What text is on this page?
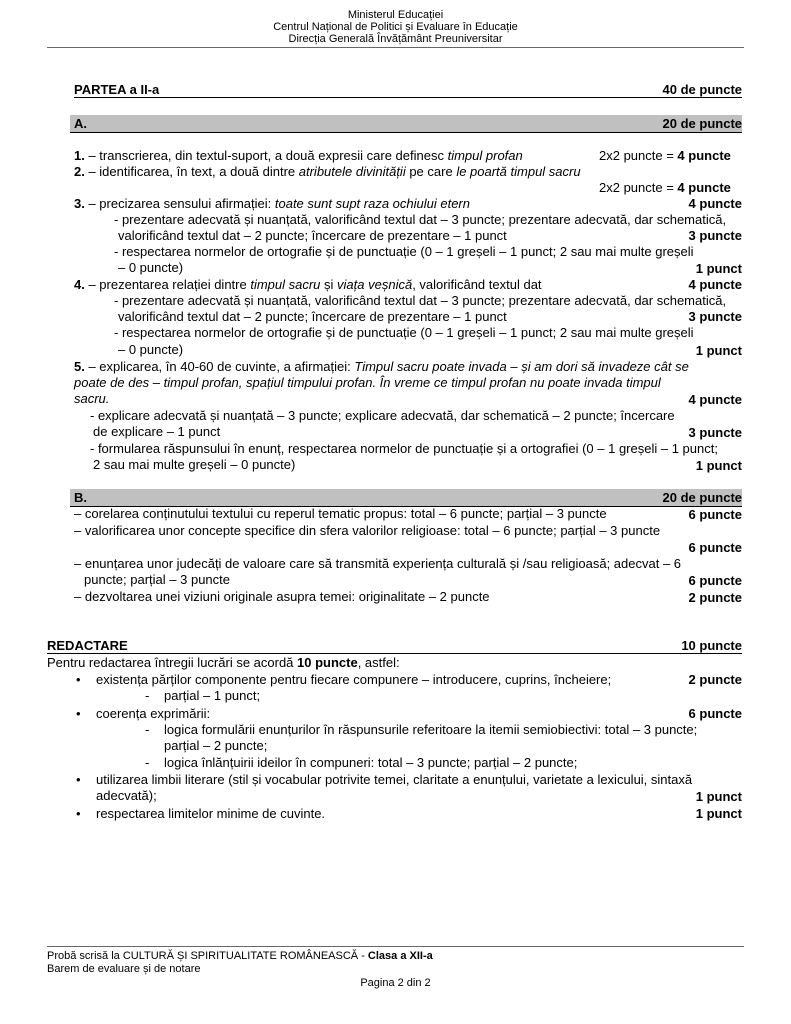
Ministerul Educației
Centrul Național de Politici și Evaluare în Educație
Direcția Generală Învățământ Preuniversitar
PARTEA a II-a	40 de puncte
A.	20 de puncte
1. – transcrierea, din textul-suport, a două expresii care definesc timpul profan	2x2 puncte = 4 puncte
2. – identificarea, în text, a două dintre atributele divinității pe care le poartă timpul sacru
2x2 puncte = 4 puncte
3. – precizarea sensului afirmației: toate sunt supt raza ochiului etern	4 puncte
- prezentare adecvată și nuanțată, valorificând textul dat – 3 puncte; prezentare adecvată, dar schematică,
valorificând textul dat – 2 puncte; încercare de prezentare – 1 punct	3 puncte
- respectarea normelor de ortografie și de punctuație (0 – 1 greșeli – 1 punct; 2 sau mai multe greșeli
– 0 puncte)	1 punct
4. – prezentarea relației dintre timpul sacru și viața veșnică, valorificând textul dat	4 puncte
- prezentare adecvată și nuanțată, valorificând textul dat – 3 puncte; prezentare adecvată, dar schematică,
valorificând textul dat – 2 puncte; încercare de prezentare – 1 punct	3 puncte
- respectarea normelor de ortografie și de punctuație (0 – 1 greșeli – 1 punct; 2 sau mai multe greșeli
– 0 puncte)	1 punct
5. – explicarea, în 40-60 de cuvinte, a afirmației: Timpul sacru poate invada – și am dori să invadeze cât se
poate de des – timpul profan, spațiul timpului profan. În vreme ce timpul profan nu poate invada timpul
sacru.	4 puncte
- explicare adecvată și nuanțată – 3 puncte; explicare adecvată, dar schematică – 2 puncte; încercare
de explicare – 1 punct	3 puncte
- formularea răspunsului în enunț, respectarea normelor de punctuație și a ortografiei (0 – 1 greșeli – 1 punct;
2 sau mai multe greșeli – 0 puncte)	1 punct
B.	20 de puncte
– corelarea conținutului textului cu reperul tematic propus: total – 6 puncte; parțial – 3 puncte	6 puncte
– valorificarea unor concepte specifice din sfera valorilor religioase: total – 6 puncte; parțial – 3 puncte
6 puncte
– enunțarea unor judecăți de valoare care să transmită experiența culturală și /sau religioasă; adecvat – 6
puncte; parțial – 3 puncte	6 puncte
– dezvoltarea unei viziuni originale asupra temei: originalitate – 2 puncte	2 puncte
REDACTARE	10 puncte
Pentru redactarea întregii lucrări se acordă 10 puncte, astfel:
• existența părților componente pentru fiecare compunere – introducere, cuprins, încheiere;	2 puncte
- parțial – 1 punct;
• coerența exprimării:	6 puncte
- logica formulării enunțurilor în răspunsurile referitoare la itemii semiobiectivi: total – 3 puncte;
parțial – 2 puncte;
- logica înlănțuirii ideilor în compuneri: total – 3 puncte; parțial – 2 puncte;
• utilizarea limbii literare (stil și vocabular potrivite temei, claritate a enunțului, varietate a lexicului, sintaxă
adecvată);	1 punct
• respectarea limitelor minime de cuvinte.	1 punct
Probă scrisă la CULTURĂ ȘI SPIRITUALITATE ROMÂNEASCĂ - Clasa a XII-a
Barem de evaluare și de notare
Pagina 2 din 2
